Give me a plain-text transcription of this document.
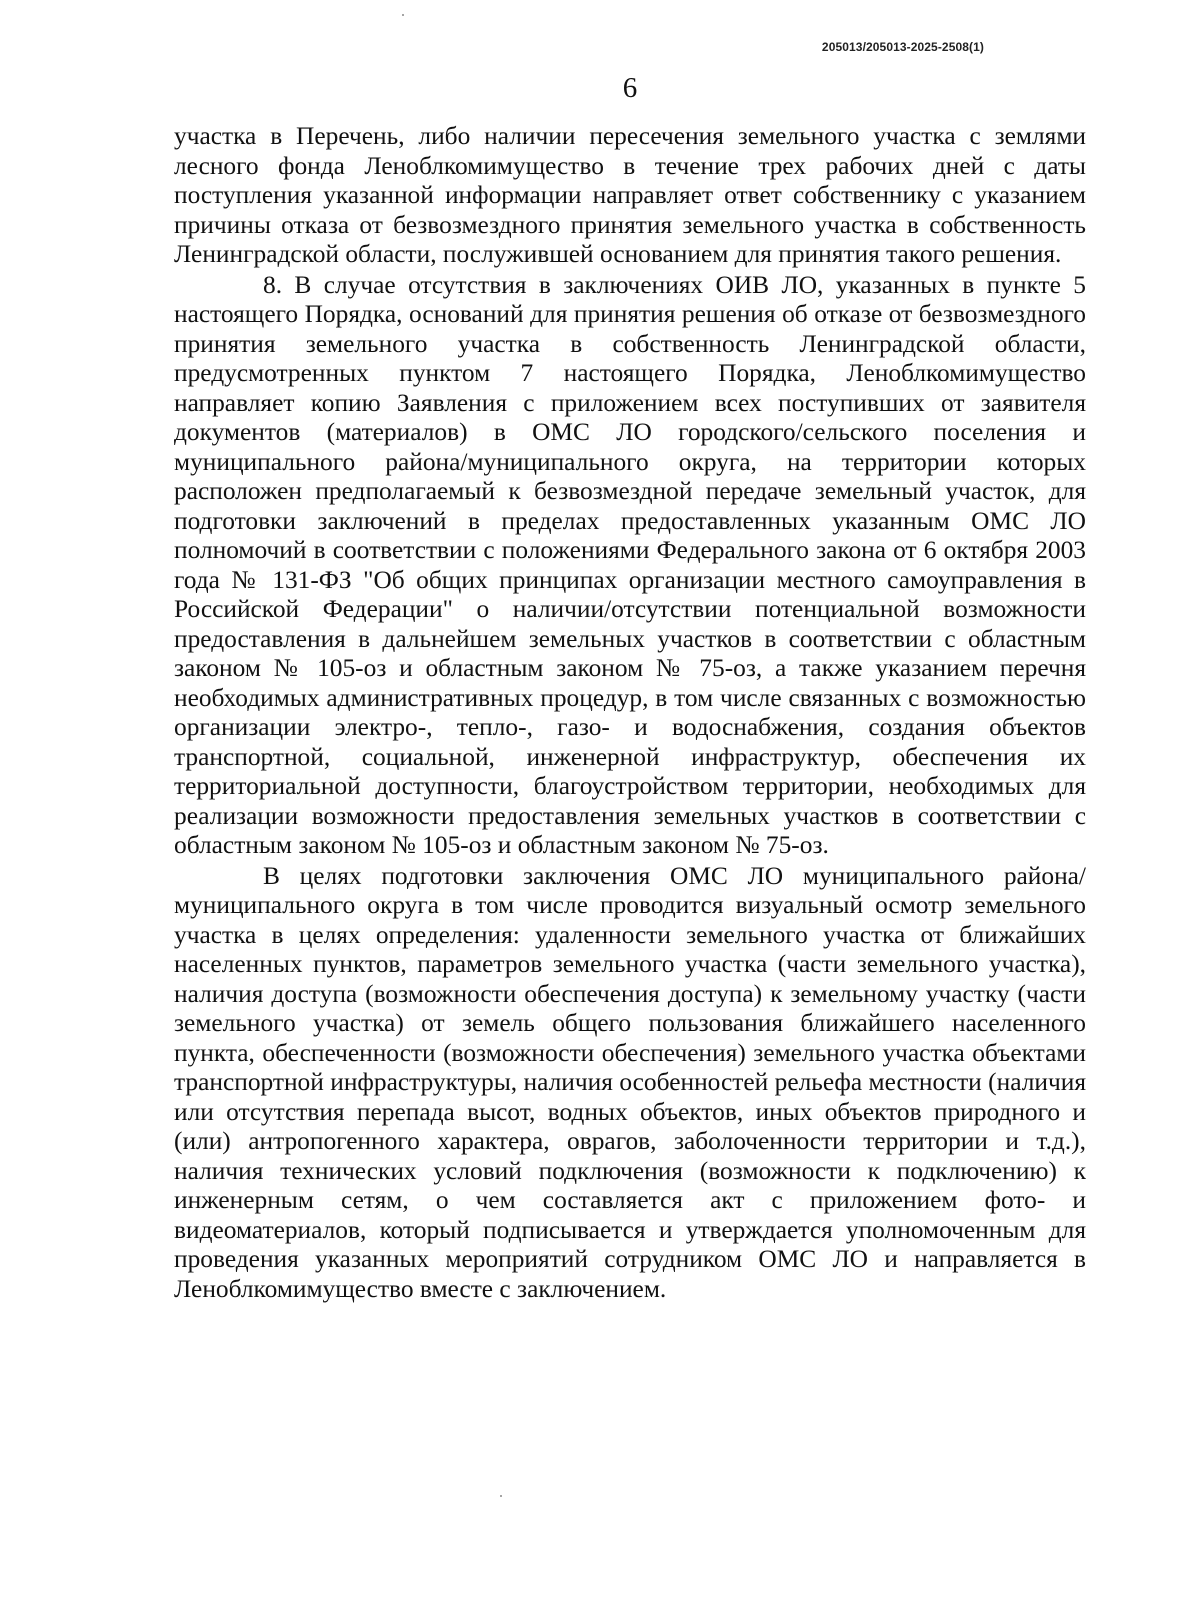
205013/205013-2025-2508(1)
6

участка в Перечень, либо наличии пересечения земельного участка с землями лесного фонда Леноблкомимущество в течение трех рабочих дней с даты поступления указанной информации направляет ответ собственнику с указанием причины отказа от безвозмездного принятия земельного участка в собственность Ленинградской области, послужившей основанием для принятия такого решения.

8. В случае отсутствия в заключениях ОИВ ЛО, указанных в пункте 5 настоящего Порядка, оснований для принятия решения об отказе от безвозмездного принятия земельного участка в собственность Ленинградской области, предусмотренных пунктом 7 настоящего Порядка, Леноблкомимущество направляет копию Заявления с приложением всех поступивших от заявителя документов (материалов) в ОМС ЛО городского/сельского поселения и муниципального района/муниципального округа, на территории которых расположен предполагаемый к безвозмездной передаче земельный участок, для подготовки заключений в пределах предоставленных указанным ОМС ЛО полномочий в соответствии с положениями Федерального закона от 6 октября 2003 года № 131-ФЗ "Об общих принципах организации местного самоуправления в Российской Федерации" о наличии/отсутствии потенциальной возможности предоставления в дальнейшем земельных участков в соответствии с областным законом № 105-оз и областным законом № 75-оз, а также указанием перечня необходимых административных процедур, в том числе связанных с возможностью организации электро-, тепло-, газо- и водоснабжения, создания объектов транспортной, социальной, инженерной инфраструктур, обеспечения их территориальной доступности, благоустройством территории, необходимых для реализации возможности предоставления земельных участков в соответствии с областным законом № 105-оз и областным законом № 75-оз.

В целях подготовки заключения ОМС ЛО муниципального района/муниципального округа в том числе проводится визуальный осмотр земельного участка в целях определения: удаленности земельного участка от ближайших населенных пунктов, параметров земельного участка (части земельного участка), наличия доступа (возможности обеспечения доступа) к земельному участку (части земельного участка) от земель общего пользования ближайшего населенного пункта, обеспеченности (возможности обеспечения) земельного участка объектами транспортной инфраструктуры, наличия особенностей рельефа местности (наличия или отсутствия перепада высот, водных объектов, иных объектов природного и (или) антропогенного характера, оврагов, заболоченности территории и т.д.), наличия технических условий подключения (возможности к подключению) к инженерным сетям, о чем составляется акт с приложением фото- и видеоматериалов, который подписывается и утверждается уполномоченным для проведения указанных мероприятий сотрудником ОМС ЛО и направляется в Леноблкомимущество вместе с заключением.
